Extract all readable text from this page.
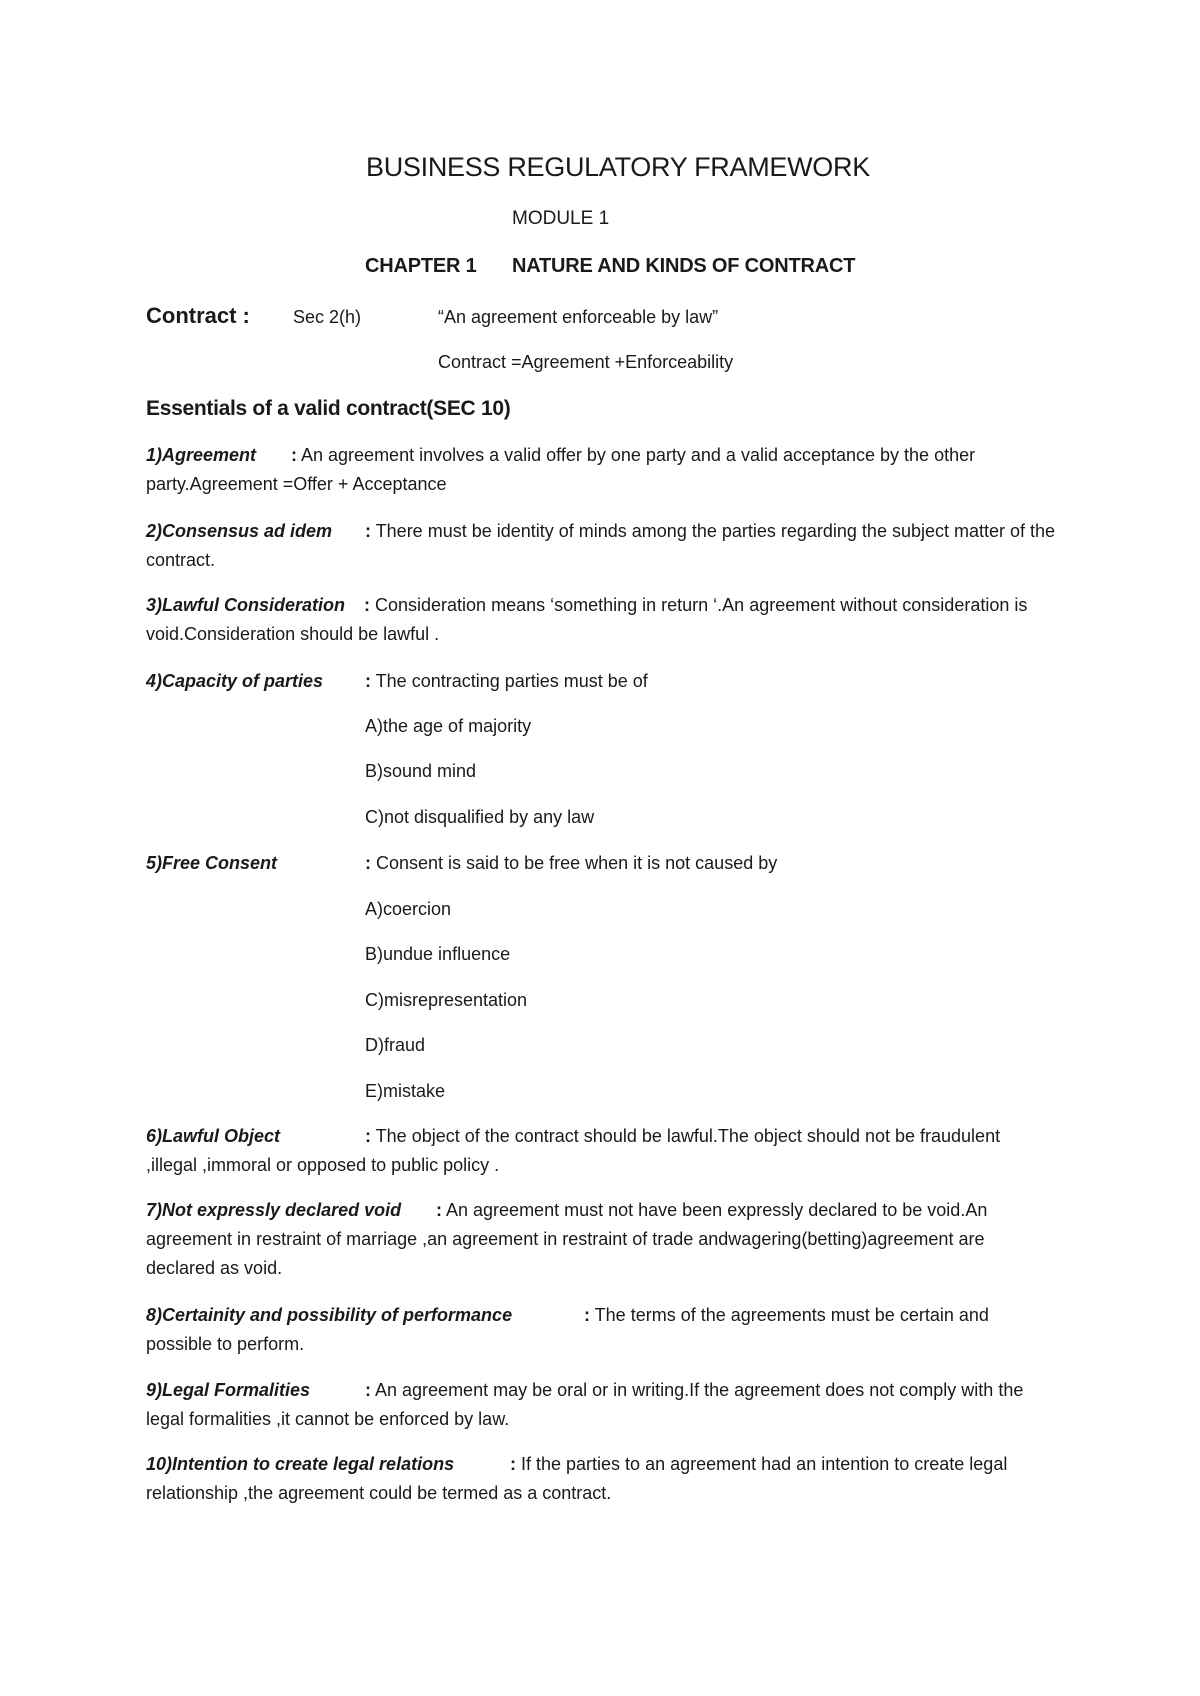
BUSINESS REGULATORY FRAMEWORK
MODULE 1
CHAPTER 1 NATURE AND KINDS OF CONTRACT
Contract : Sec 2(h)	“An agreement enforceable by law”
Contract =Agreement +Enforceability
Essentials of a valid contract(SEC 10)
1)Agreement : An agreement involves a valid offer by one party and a valid acceptance by the other party.Agreement =Offer + Acceptance
2)Consensus ad idem : There must be identity of minds among the parties regarding the subject matter of the contract.
3)Lawful Consideration : Consideration means ‘something in return ‘.An agreement without consideration is void.Consideration should be lawful .
4)Capacity of parties : The contracting parties must be of
A)the age of majority
B)sound mind
C)not disqualified by any law
5)Free Consent	: Consent is said to be free when it is not caused by
A)coercion
B)undue influence
C)misrepresentation
D)fraud
E)mistake
6)Lawful Object	: The object of the contract should be lawful.The object should not be fraudulent ,illegal ,immoral or opposed to public policy .
7)Not expressly declared void : An agreement must not have been expressly declared to be void.An agreement in restraint of marriage ,an agreement in restraint of trade andwagering(betting)agreement are declared as void.
8)Certainity and possibility of performance	: The terms of the agreements must be certain and possible to perform.
9)Legal Formalities	: An agreement may be oral or in writing.If the agreement does not comply with the legal formalities ,it cannot be enforced by law.
10)Intention to create legal relations	: If the parties to an agreement had an intention to create legal relationship ,the agreement could be termed as a contract.
